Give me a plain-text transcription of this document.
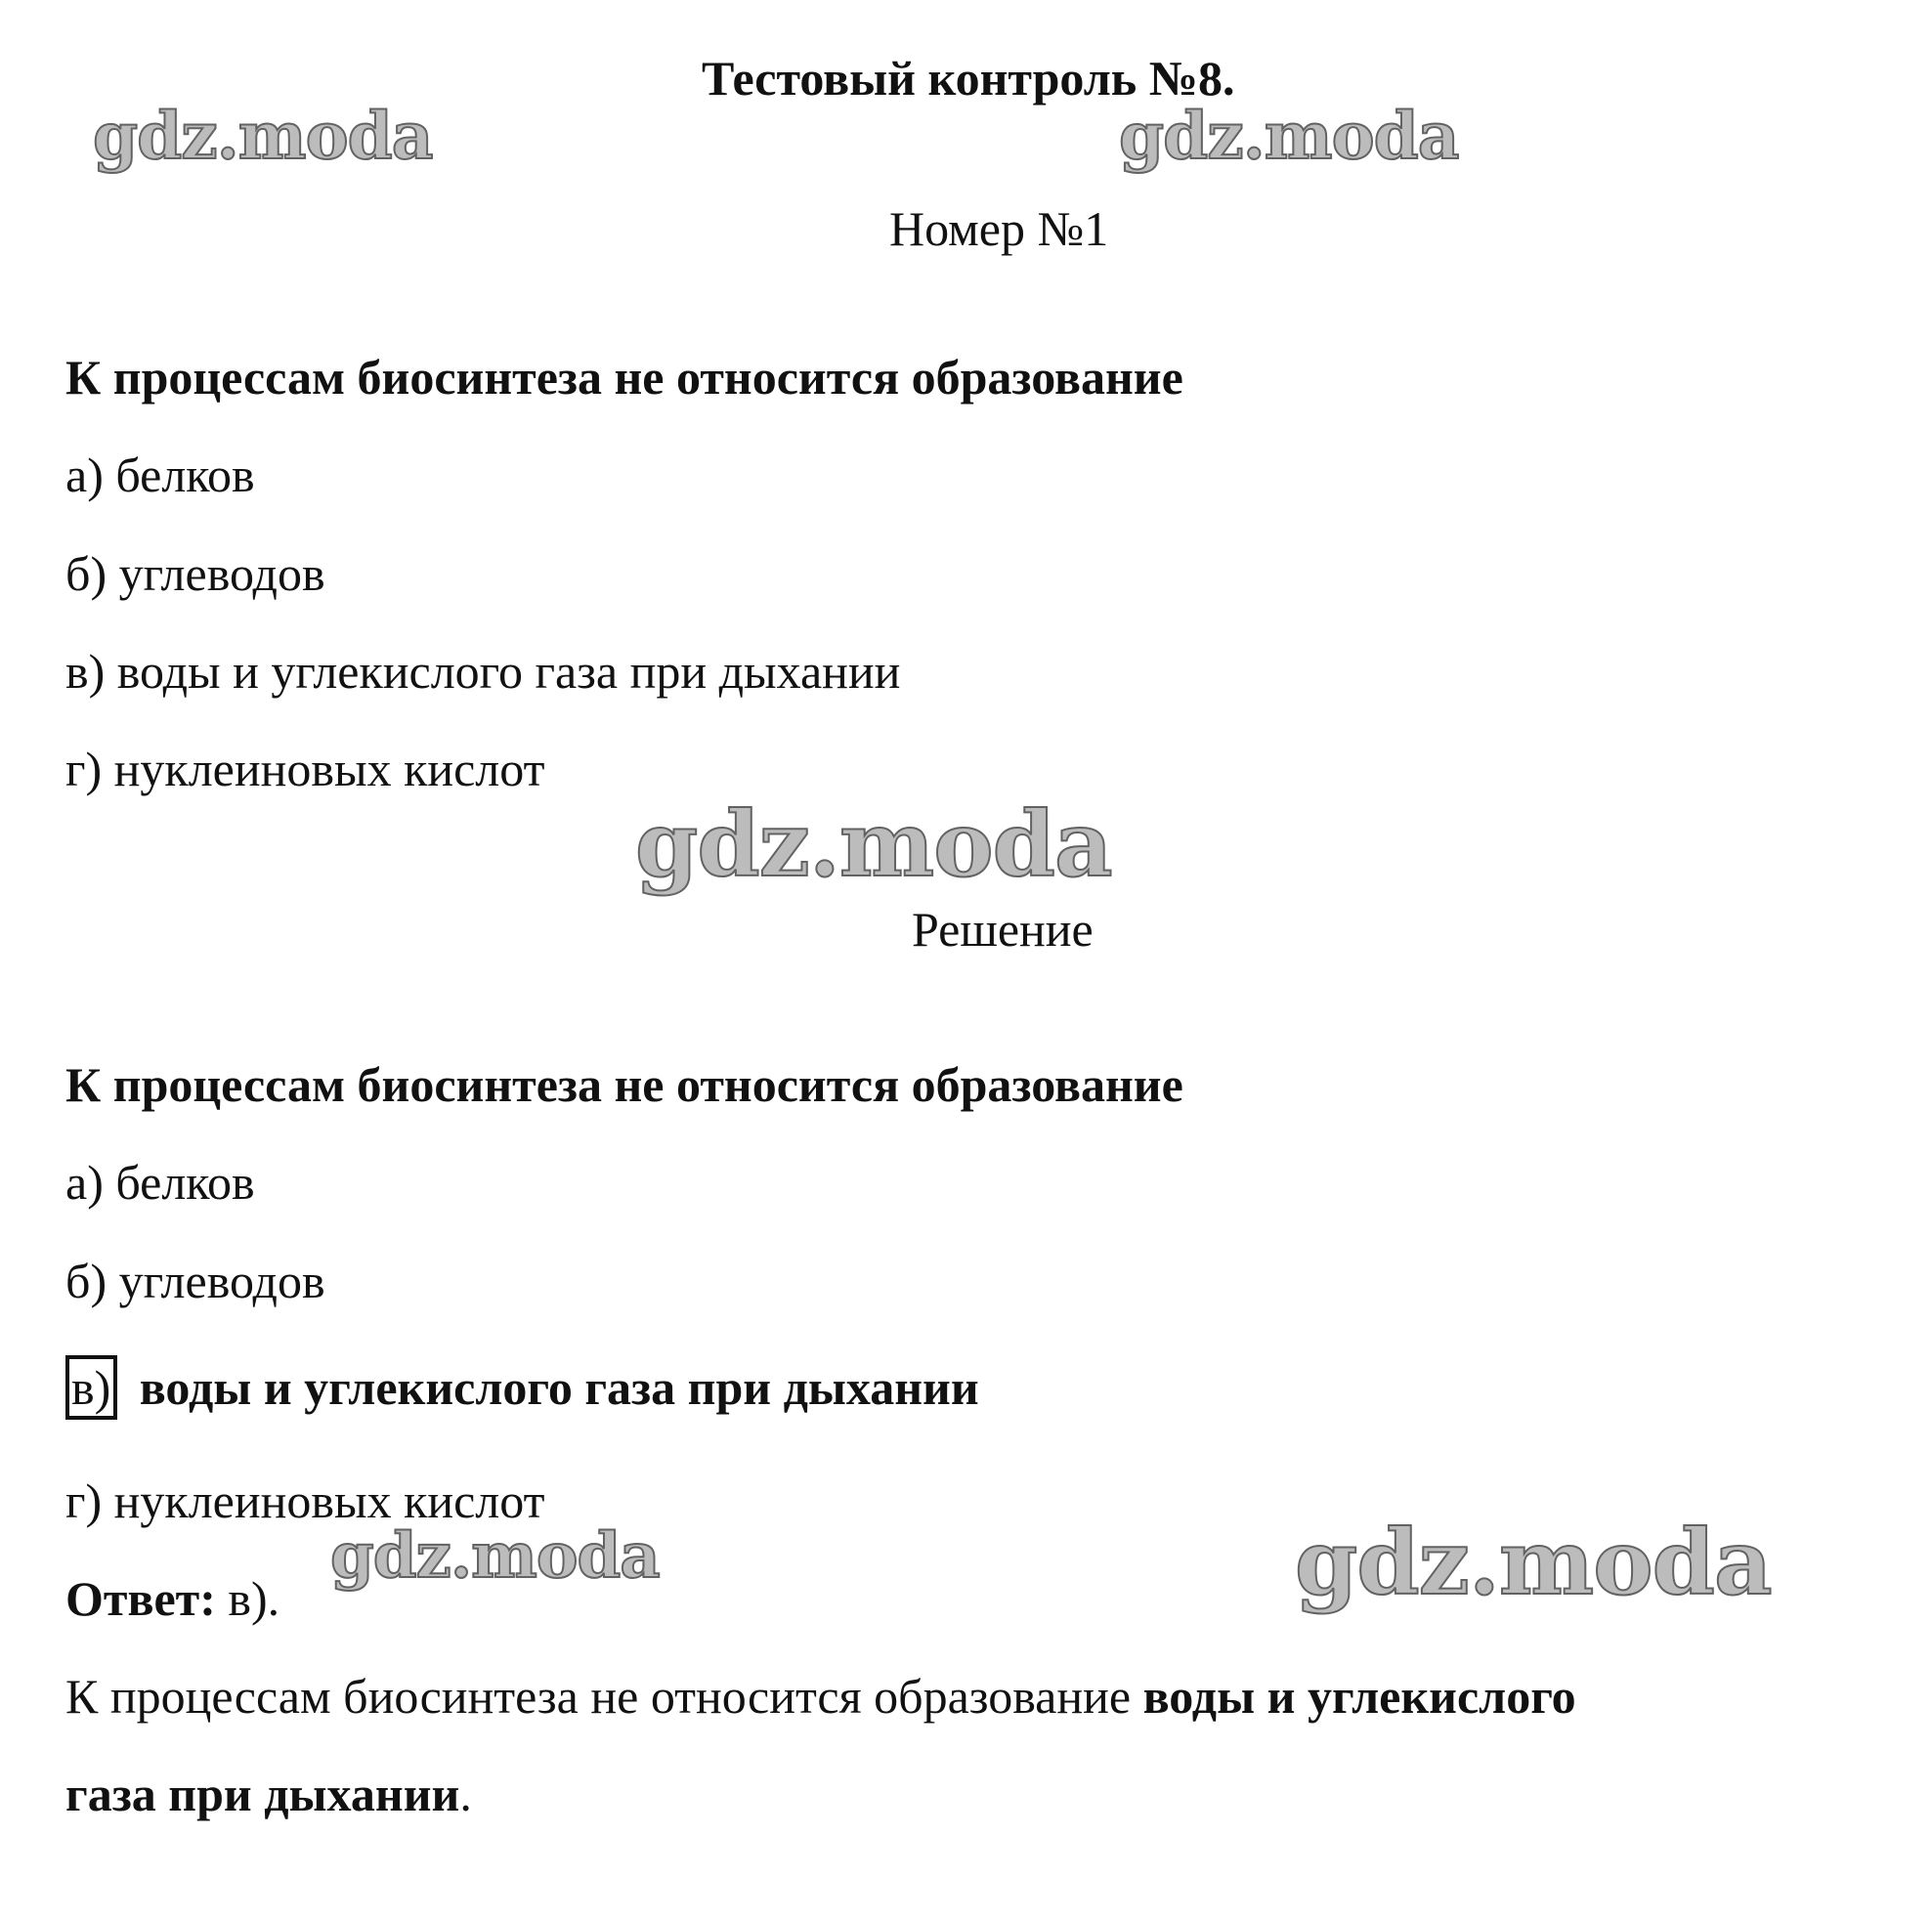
gdz.moda	gdz.moda
gdz.moda
gdz.moda	gdz.moda
Тестовый контроль №8.
Номер №1
К процессам биосинтеза не относится образование
а) белков
б) углеводов
в) воды и углекислого газа при дыхании
г) нуклеиновых кислот
Решение
К процессам биосинтеза не относится образование
а) белков
б) углеводов
в) воды и углекислого газа при дыхании
г) нуклеиновых кислот
Ответ: в).
К процессам биосинтеза не относится образование воды и углекислого
газа при дыхании.
